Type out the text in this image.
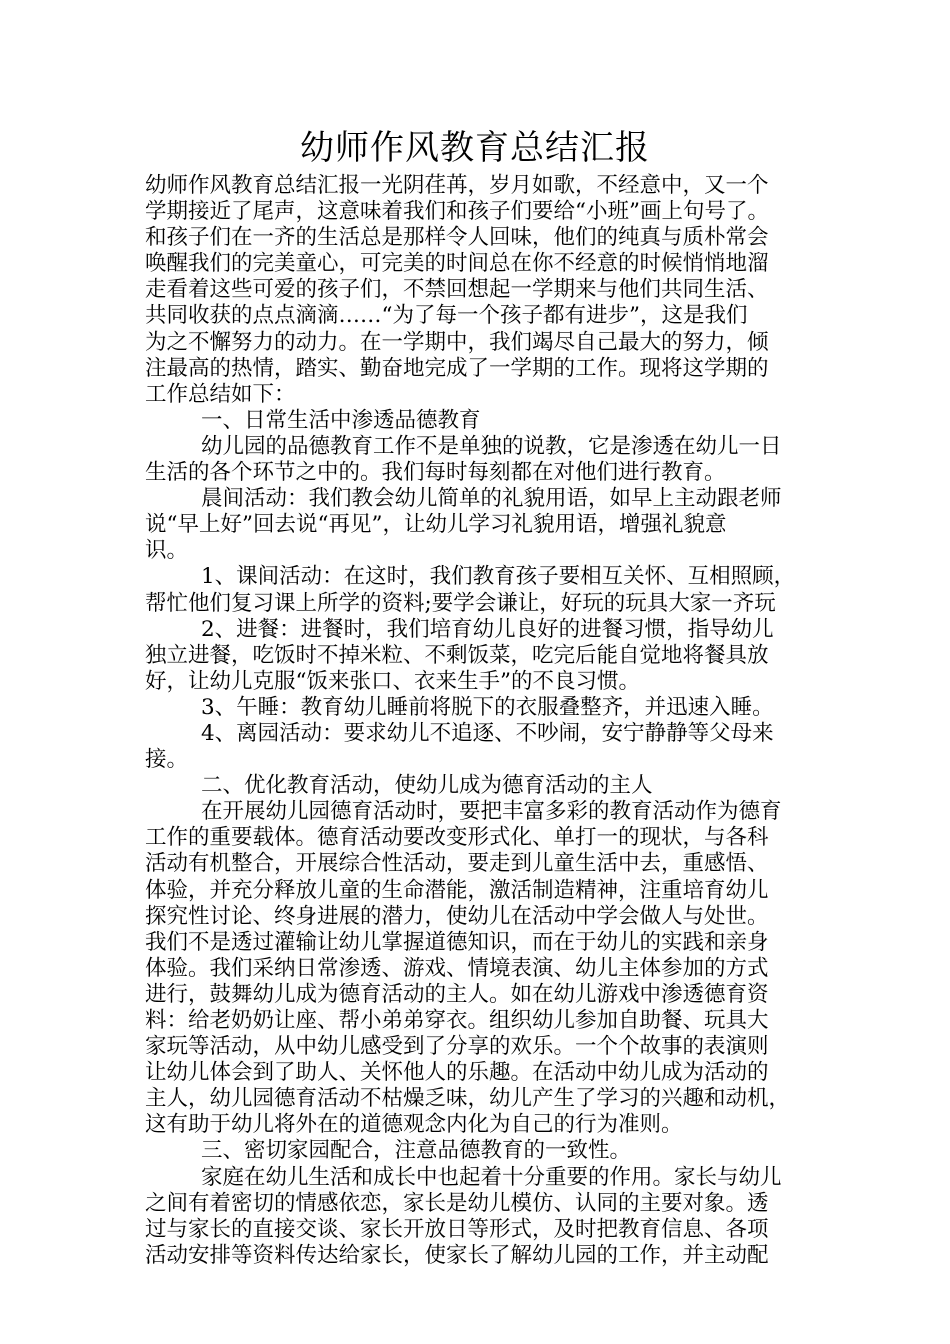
幼师作风教育总结汇报
幼师作风教育总结汇报一光阴荏苒，岁月如歌，不经意中，又一个
学期接近了尾声，这意味着我们和孩子们要给“小班”画上句号了。
和孩子们在一齐的生活总是那样令人回味，他们的纯真与质朴常会
唤醒我们的完美童心，可完美的时间总在你不经意的时候悄悄地溜
走看着这些可爱的孩子们，不禁回想起一学期来与他们共同生活、
共同收获的点点滴滴……“为了每一个孩子都有进步”，这是我们
为之不懈努力的动力。在一学期中，我们竭尽自己最大的努力，倾
注最高的热情，踏实、勤奋地完成了一学期的工作。现将这学期的
工作总结如下：
一、日常生活中渗透品德教育
幼儿园的品德教育工作不是单独的说教，它是渗透在幼儿一日
生活的各个环节之中的。我们每时每刻都在对他们进行教育。
晨间活动：我们教会幼儿简单的礼貌用语，如早上主动跟老师
说“早上好”回去说“再见”，让幼儿学习礼貌用语，增强礼貌意
识。
1、课间活动：在这时，我们教育孩子要相互关怀、互相照顾，
帮忙他们复习课上所学的资料;要学会谦让，好玩的玩具大家一齐玩
2、进餐：进餐时，我们培育幼儿良好的进餐习惯，指导幼儿
独立进餐，吃饭时不掉米粒、不剩饭菜，吃完后能自觉地将餐具放
好，让幼儿克服“饭来张口、衣来生手”的不良习惯。
3、午睡：教育幼儿睡前将脱下的衣服叠整齐，并迅速入睡。
4、离园活动：要求幼儿不追逐、不吵闹，安宁静静等父母来
接。
二、优化教育活动，使幼儿成为德育活动的主人
在开展幼儿园德育活动时，要把丰富多彩的教育活动作为德育
工作的重要载体。德育活动要改变形式化、单打一的现状，与各科
活动有机整合，开展综合性活动，要走到儿童生活中去，重感悟、
体验，并充分释放儿童的生命潜能，激活制造精神，注重培育幼儿
探究性讨论、终身进展的潜力，使幼儿在活动中学会做人与处世。
我们不是透过灌输让幼儿掌握道德知识，而在于幼儿的实践和亲身
体验。我们采纳日常渗透、游戏、情境表演、幼儿主体参加的方式
进行，鼓舞幼儿成为德育活动的主人。如在幼儿游戏中渗透德育资
料：给老奶奶让座、帮小弟弟穿衣。组织幼儿参加自助餐、玩具大
家玩等活动，从中幼儿感受到了分享的欢乐。一个个故事的表演则
让幼儿体会到了助人、关怀他人的乐趣。在活动中幼儿成为活动的
主人，幼儿园德育活动不枯燥乏味，幼儿产生了学习的兴趣和动机，
这有助于幼儿将外在的道德观念内化为自己的行为准则。
三、密切家园配合，注意品德教育的一致性。
家庭在幼儿生活和成长中也起着十分重要的作用。家长与幼儿
之间有着密切的情感依恋，家长是幼儿模仿、认同的主要对象。透
过与家长的直接交谈、家长开放日等形式，及时把教育信息、各项
活动安排等资料传达给家长，使家长了解幼儿园的工作，并主动配
